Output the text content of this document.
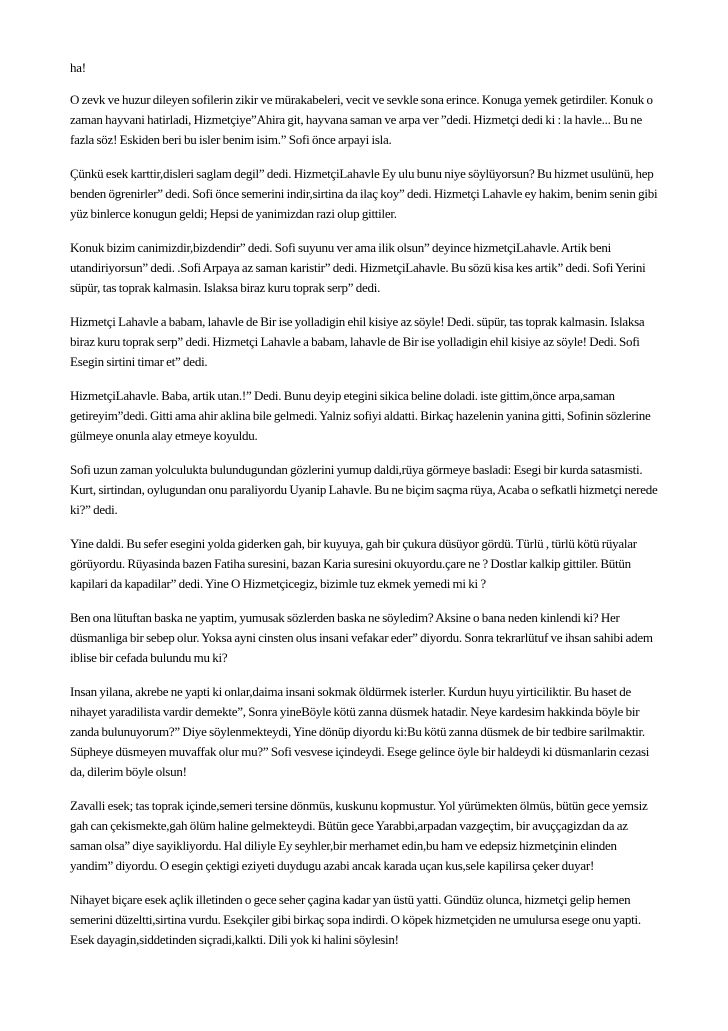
ha!

O zevk ve huzur dileyen sofilerin zikir ve mürakabeleri, vecit ve sevkle sona erince. Konuga yemek getirdiler. Konuk o zaman hayvani hatirladi, Hizmetçiye”Ahira git, hayvana saman ve arpa ver ”dedi. Hizmetçi dedi ki : la havle... Bu ne fazla söz! Eskiden beri bu isler benim isim.” Sofi önce arpayi isla.

Çünkü esek karttir,disleri saglam degil” dedi. HizmetçiLahavle Ey ulu bunu niye söylüyorsun? Bu hizmet usulünü, hep benden ögrenirler” dedi. Sofi önce semerini indir,sirtina da ilaç koy” dedi. Hizmetçi Lahavle ey hakim, benim senin gibi yüz binlerce konugun geldi; Hepsi de yanimizdan razi olup gittiler.

Konuk bizim canimizdir,bizdendir” dedi. Sofi suyunu ver ama ilik olsun” deyince hizmetçiLahavle. Artik beni utandiriyorsun” dedi. .Sofi Arpaya az saman karistir” dedi. HizmetçiLahavle. Bu sözü kisa kes artik” dedi. Sofi Yerini süpür, tas toprak kalmasin. Islaksa biraz kuru toprak serp” dedi.

Hizmetçi Lahavle a babam, lahavle de Bir ise yolladigin ehil kisiye az söyle! Dedi. süpür, tas toprak kalmasin. Islaksa biraz kuru toprak serp” dedi. Hizmetçi Lahavle a babam, lahavle de Bir ise yolladigin ehil kisiye az söyle! Dedi. Sofi Esegin sirtini timar et” dedi.

HizmetçiLahavle. Baba, artik utan.!” Dedi. Bunu deyip etegini sikica beline doladi. iste gittim,önce arpa,saman getireyim”dedi. Gitti ama ahir aklina bile gelmedi. Yalniz sofiyi aldatti. Birkaç hazelenin yanina gitti, Sofinin sözlerine gülmeye onunla alay etmeye koyuldu.

Sofi uzun zaman yolculukta bulundugundan gözlerini yumup daldi,rüya görmeye basladi: Esegi bir kurda satasmisti. Kurt, sirtindan, oylugundan onu paraliyordu Uyanip Lahavle. Bu ne biçim saçma rüya, Acaba o sefkatli hizmetçi nerede ki?” dedi.

Yine daldi. Bu sefer esegini yolda giderken gah, bir kuyuya, gah bir çukura düsüyor gördü. Türlü , türlü kötü rüyalar görüyordu. Rüyasinda bazen Fatiha suresini, bazan Karia suresini okuyordu.çare ne ? Dostlar kalkip gittiler. Bütün kapilari da kapadilar” dedi. Yine O Hizmetçicegiz, bizimle tuz ekmek yemedi mi ki ?

Ben ona lütuftan baska ne yaptim, yumusak sözlerden baska ne söyledim? Aksine o bana neden kinlendi ki? Her düsmanliga bir sebep olur. Yoksa ayni cinsten olus insani vefakar eder” diyordu. Sonra tekrarlütuf ve ihsan sahibi adem iblise bir cefada bulundu mu ki?

Insan yilana, akrebe ne yapti ki onlar,daima insani sokmak öldürmek isterler. Kurdun huyu yirticiliktir. Bu haset de nihayet yaradilista vardir demekte”, Sonra yineBöyle kötü zanna düsmek hatadir. Neye kardesim hakkinda böyle bir zanda bulunuyorum?” Diye söylenmekteydi, Yine dönüp diyordu ki:Bu kötü zanna düsmek de bir tedbire sarilmaktir. Süpheye düsmeyen muvaffak olur mu?” Sofi vesvese içindeydi. Esege gelince öyle bir haldeydi ki düsmanlarin cezasi da, dilerim böyle olsun!

Zavalli esek; tas toprak içinde,semeri tersine dönmüs, kuskunu kopmustur. Yol yürümekten ölmüs, bütün gece yemsiz gah can çekismekte,gah ölüm haline gelmekteydi. Bütün gece Yarabbi,arpadan vazgeçtim, bir avuççagizdan da az saman olsa” diye sayikliyordu. Hal diliyle Ey seyhler,bir merhamet edin,bu ham ve edepsiz hizmetçinin elinden yandim” diyordu. O esegin çektigi eziyeti duydugu azabi ancak karada uçan kus,sele kapilirsa çeker duyar!

Nihayet biçare esek açlik illetinden o gece seher çagina kadar yan üstü yatti. Gündüz olunca, hizmetçi gelip hemen semerini düzeltti,sirtina vurdu. Esekçiler gibi birkaç sopa indirdi. O köpek hizmetçiden ne umulursa esege onu yapti. Esek dayagin,siddetinden siçradi,kalkti. Dili yok ki halini söylesin!
